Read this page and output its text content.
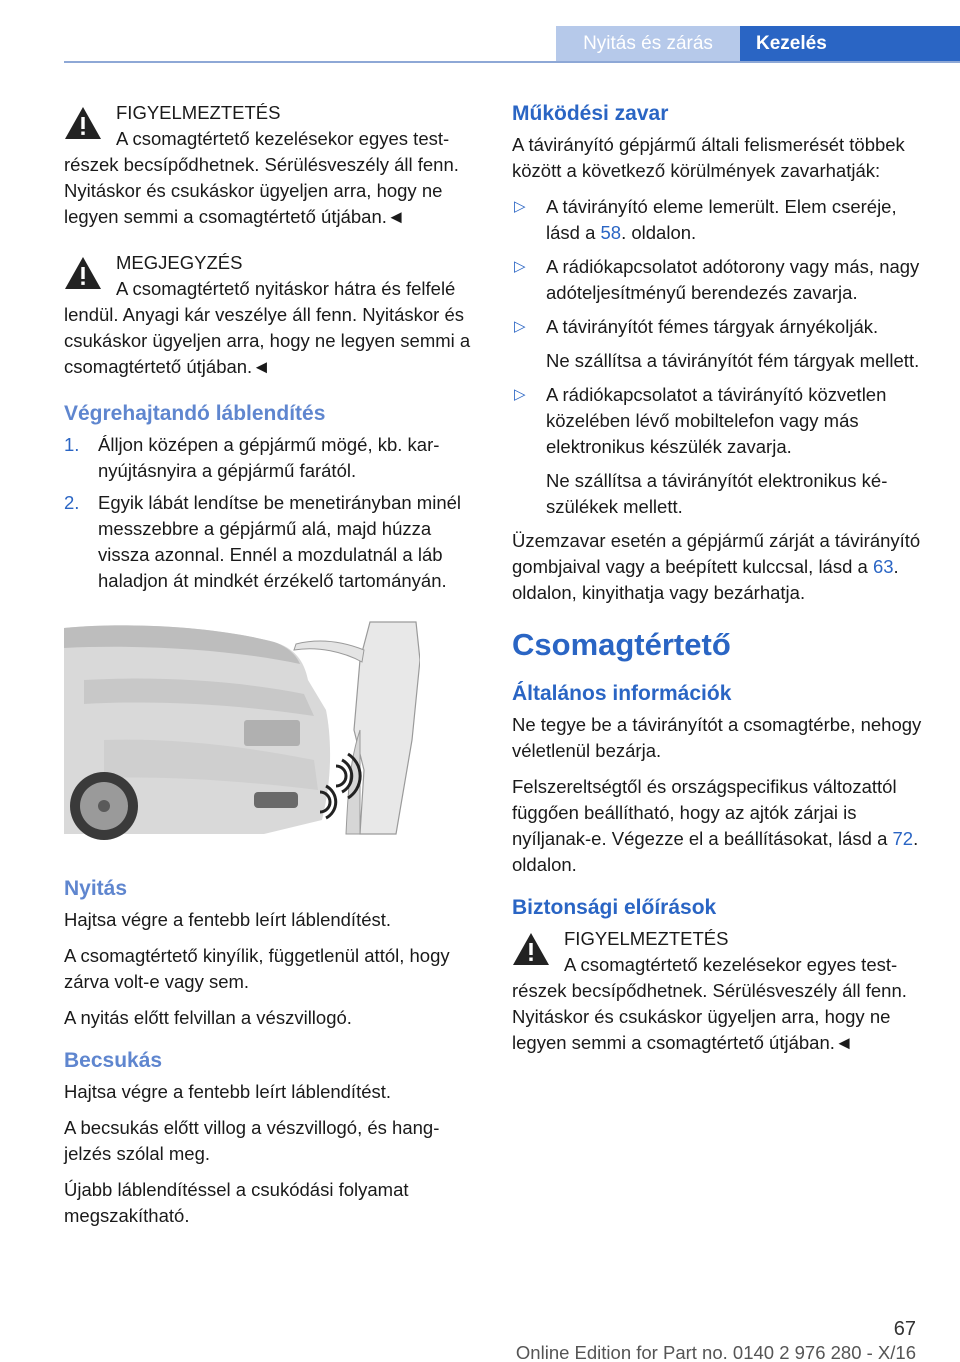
Nyitás és zárás	Kezelés
FIGYELMEZTETÉS
A csomagtértető kezelésekor egyes testrészek becsípődhetnek. Sérülésveszély áll fenn. Nyitáskor és csukáskor ügyeljen arra, hogy ne legyen semmi a csomagtértető útjában.◄
MEGJEGYZÉS
A csomagtértető nyitáskor hátra és felfelé lendül. Anyagi kár veszélye áll fenn. Nyitáskor és csukáskor ügyeljen arra, hogy ne legyen semmi a csomagtértető útjában.◄
Végrehajtandó láblendítés
1. Álljon középen a gépjármű mögé, kb. karnyújtásnyira a gépjármű farától.
2. Egyik lábát lendítse be menetirányban minél messzebbre a gépjármű alá, majd húzza vissza azonnal. Ennél a mozdulatnál a láb haladjon át mindkét érzékelő tartományán.
Nyitás

Hajtsa végre a fentebb leírt láblendítést.

A csomagtértető kinyílik, függetlenül attól, hogy zárva volt-e vagy sem.

A nyitás előtt felvillan a vészvillogó.

Becsukás

Hajtsa végre a fentebb leírt láblendítést.

A becsukás előtt villog a vészvillogó, és hangjelzés szólal meg.

Újabb láblendítéssel a csukódási folyamat megszakítható.

Működési zavar

A távirányító gépjármű általi felismerését többek között a következő körülmények zavarhatják:

▷ A távirányító eleme lemerült. Elem cseréje, lásd a 58. oldalon.
▷ A rádiókapcsolatot adótorony vagy más, nagy adóteljesítményű berendezés zavarja.
▷ A távirányítót fémes tárgyak árnyékolják.
Ne szállítsa a távirányítót fém tárgyak mellett.
▷ A rádiókapcsolatot a távirányító közvetlen közelében lévő mobiltelefon vagy más elektronikus készülék zavarja.
Ne szállítsa a távirányítót elektronikus készülékek mellett.

Üzemzavar esetén a gépjármű zárját a távirányító gombjaival vagy a beépített kulccsal, lásd a 63. oldalon, kinyithatja vagy bezárhatja.

Csomagtértető
Általános információk

Ne tegye be a távirányítót a csomagtérbe, nehogy véletlenül bezárja.

Felszereltségtől és országspecifikus változattól függően beállítható, hogy az ajtók zárjai is nyíljanak-e. Végezze el a beállításokat, lásd a 72. oldalon.

Biztonsági előírások
FIGYELMEZTETÉS
A csomagtértető kezelésekor egyes testrészek becsípődhetnek. Sérülésveszély áll fenn. Nyitáskor és csukáskor ügyeljen arra, hogy ne legyen semmi a csomagtértető útjában.◄
67
Online Edition for Part no. 0140 2 976 280 - X/16
